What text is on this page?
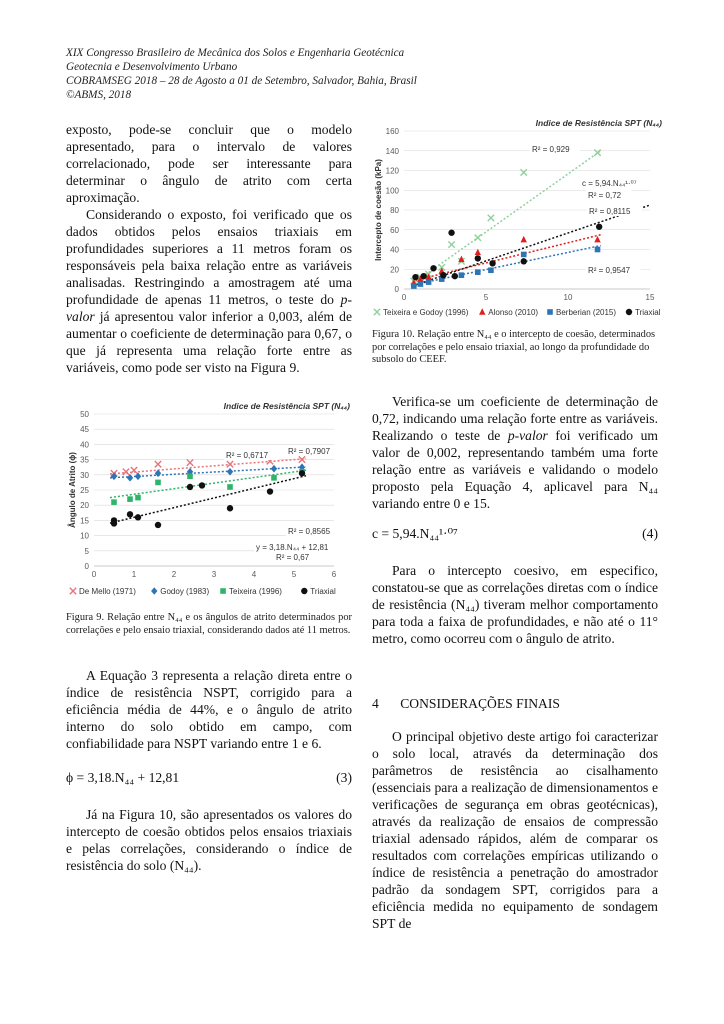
XIX Congresso Brasileiro de Mecânica dos Solos e Engenharia Geotécnica
Geotecnia e Desenvolvimento Urbano
COBRAMSEG 2018 – 28 de Agosto a 01 de Setembro, Salvador, Bahia, Brasil
©ABMS, 2018

exposto, pode-se concluir que o modelo apresentado, para o intervalo de valores correlacionado, pode ser interessante para determinar o ângulo de atrito com certa aproximação.

Considerando o exposto, foi verificado que os dados obtidos pelos ensaios triaxiais em profundidades superiores a 11 metros foram os responsáveis pela baixa relação entre as variáveis analisadas. Restringindo a amostragem até uma profundidade de apenas 11 metros, o teste do p-valor já apresentou valor inferior a 0,003, além de aumentar o coeficiente de determinação para 0,67, o que já representa uma relação forte entre as variáveis, como pode ser visto na Figura 9.

Indice de Resistência SPT (N₄₄)
0
5
10
15
20
25
30
35
40
45
50
0	1	2	3	4	5	6
Ângulo de Atrito (ϕ)	R² = 0,6717 R² = 0,7907
R² = 0,8565
y = 3,18.N₄₄ + 12,81
R² = 0,67
De Mello (1971)	Godoy (1983) Teixeira (1996)	Triaxial
Figura 9. Relação entre N₄₄ e os ângulos de atrito determinados por correlações e pelo ensaio triaxial, considerando dados até 11 metros.

A Equação 3 representa a relação direta entre o índice de resistência NSPT, corrigido para a eficiência média de 44%, e o ângulo de atrito interno do solo obtido em campo, com confiabilidade para NSPT variando entre 1 e 6.

ϕ = 3,18.N₄₄ + 12,81	(3)

Já na Figura 10, são apresentados os valores do intercepto de coesão obtidos pelos ensaios triaxiais e pelas correlações, considerando o índice de resistência do solo (N₄₄).

Indice de Resistência SPT (N₄₄)
0
20
40
60
80
100
120
140
160
0	5	10	15
Intercepto de coesão (kPa)
R² = 0,929
c = 5,94.N₄₄¹·⁰⁷
R² = 0,72
R² = 0,8115
R² = 0,9547
Teixeira e Godoy (1996) Alonso (2010) Berberian (2015) Triaxial
Figura 10. Relação entre N₄₄ e o intercepto de coesão, determinados por correlações e pelo ensaio triaxial, ao longo da profundidade do subsolo do CEEF.

Verifica-se um coeficiente de determinação de 0,72, indicando uma relação forte entre as variáveis. Realizando o teste de p-valor foi verificado um valor de 0,002, representando também uma forte relação entre as variáveis e validando o modelo proposto pela Equação 4, aplicavel para N₄₄ variando entre 0 e 15.

c = 5,94.N₄₄¹·⁰⁷	(4)

Para o intercepto coesivo, em especifico, constatou-se que as correlações diretas com o índice de resistência (N₄₄) tiveram melhor comportamento para toda a faixa de profundidades, e não até o 11° metro, como ocorreu com o ângulo de atrito.

4 CONSIDERAÇÕES FINAIS

O principal objetivo deste artigo foi caracterizar o solo local, através da determinação dos parâmetros de resistência ao cisalhamento (essenciais para a realização de dimensionamentos e verificações de segurança em obras geotécnicas), através da realização de ensaios de compressão triaxial adensado rápidos, além de comparar os resultados com correlações empíricas utilizando o índice de resistência a penetração do amostrador padrão da sondagem SPT, corrigidos para a eficiência medida no equipamento de sondagem SPT de
